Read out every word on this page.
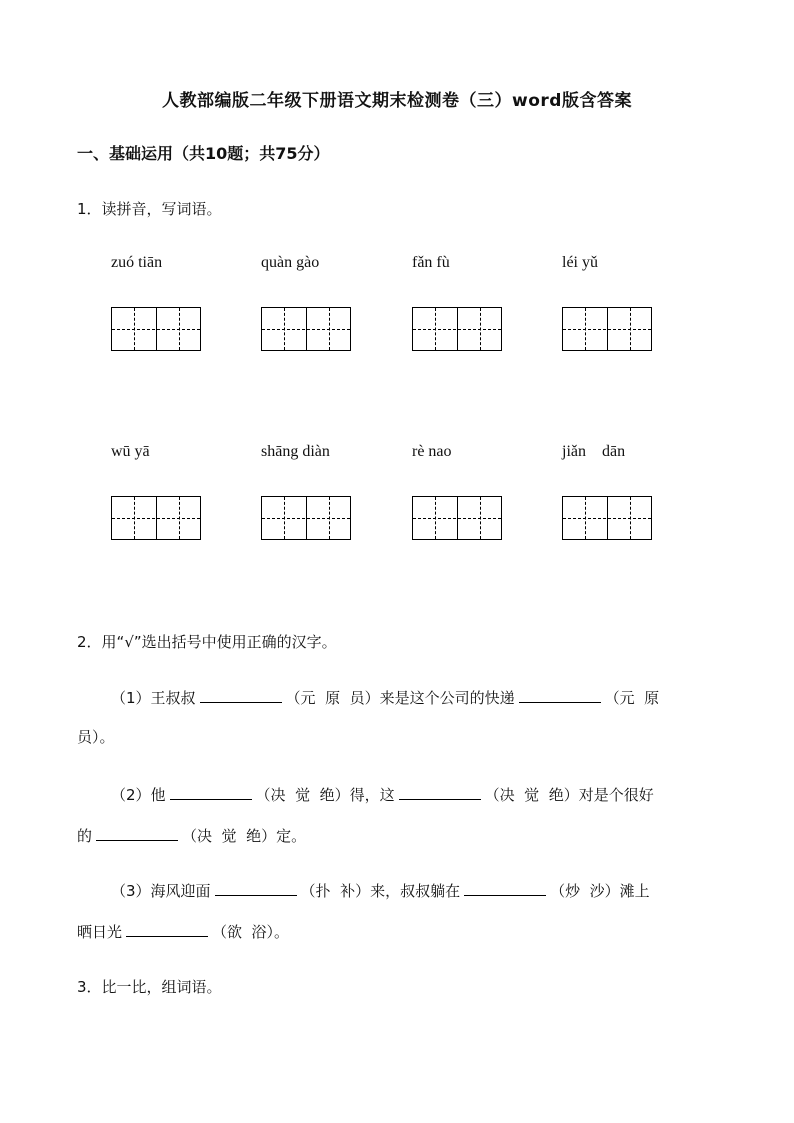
人教部编版二年级下册语文期末检测卷（三）word版含答案
一、基础运用（共10题；共75分）
1．读拼音，写词语。
zuó tiān	quàn gào	fǎn fù	léi yǔ
wū yā	shāng diàn	rè nao	jiǎn    dān
2．用“√”选出括号中使用正确的汉字。
（1）王叔叔	（元  原  员）来是这个公司的快递	（元  原
员）。
（2）他	（决  觉  绝）得，这	（决  觉  绝）对是个很好
的	（决  觉  绝）定。
（3）海风迎面	（扑  补）来，叔叔躺在	（炒  沙）滩上
晒日光	（欲  浴）。
3．比一比，组词语。
